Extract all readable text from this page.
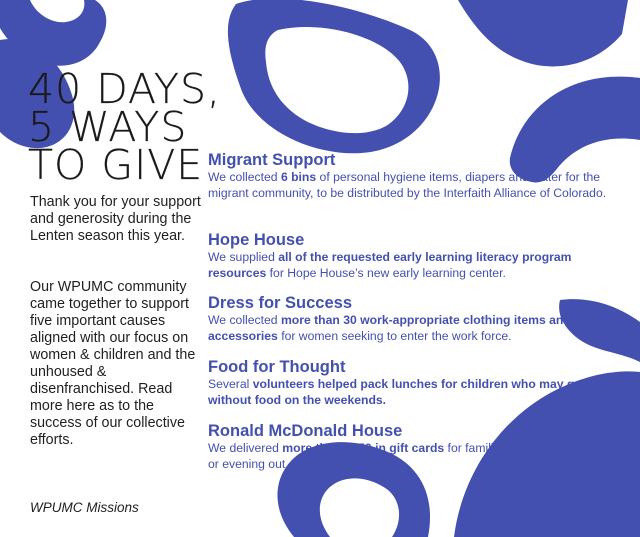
40 DAYS,
5 WAYS
TO GIVE

Thank you for your support and generosity during the Lenten season this year.

Our WPUMC community came together to support five important causes aligned with our focus on women & children and the unhoused & disenfranchised. Read more here as to the success of our collective efforts.

WPUMC Missions
Migrant Support

We collected 6 bins of personal hygiene items, diapers and water for the migrant community, to be distributed by the Interfaith Alliance of Colorado.

Hope House

We supplied all of the requested early learning literacy program resources for Hope House’s new early learning center.

Dress for Success

We collected more than 30 work-appropriate clothing items and accessories for women seeking to enter the work force.

Food for Thought

Several volunteers helped pack lunches for children who may go without food on the weekends.

Ronald McDonald House

We delivered more than $250 in gift cards for families seeking an afternoon or evening out.
